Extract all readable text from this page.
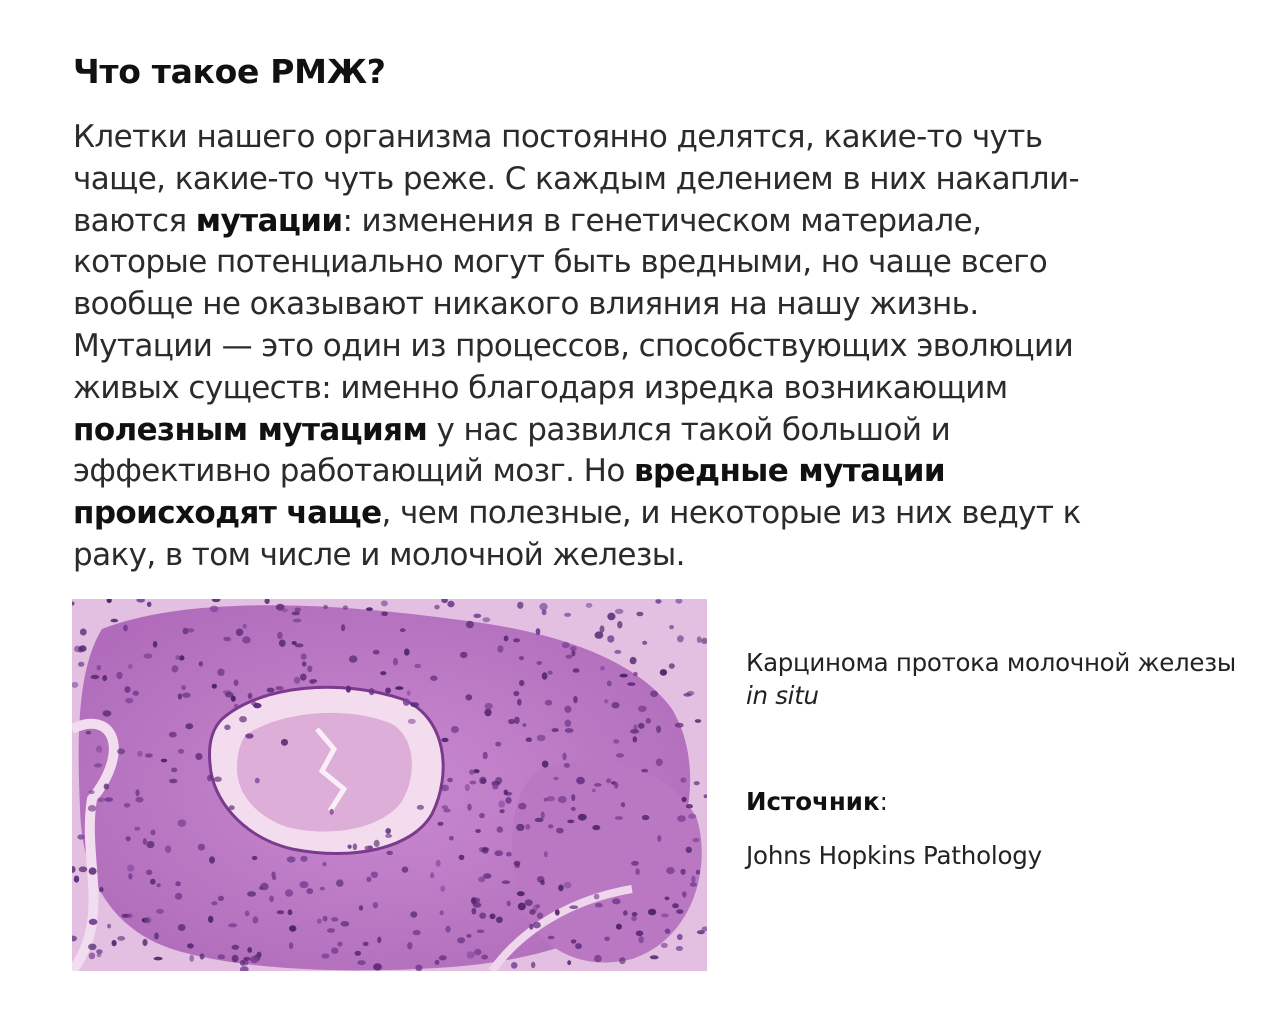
Что такое РМЖ?

Клетки нашего организма постоянно делятся, какие-то чуть
чаще, какие-то чуть реже. С каждым делением в них накапли-
ваются мутации: изменения в генетическом материале,
которые потенциально могут быть вредными, но чаще всего
вообще не оказывают никакого влияния на нашу жизнь.
Мутации — это один из процессов, способствующих эволюции
живых существ: именно благодаря изредка возникающим
полезным мутациям у нас развился такой большой и
эффективно работающий мозг. Но вредные мутации
происходят чаще, чем полезные, и некоторые из них ведут к
раку, в том числе и молочной железы.

Карцинома протока молочной железы in situ
Источник:
Johns Hopkins Pathology
